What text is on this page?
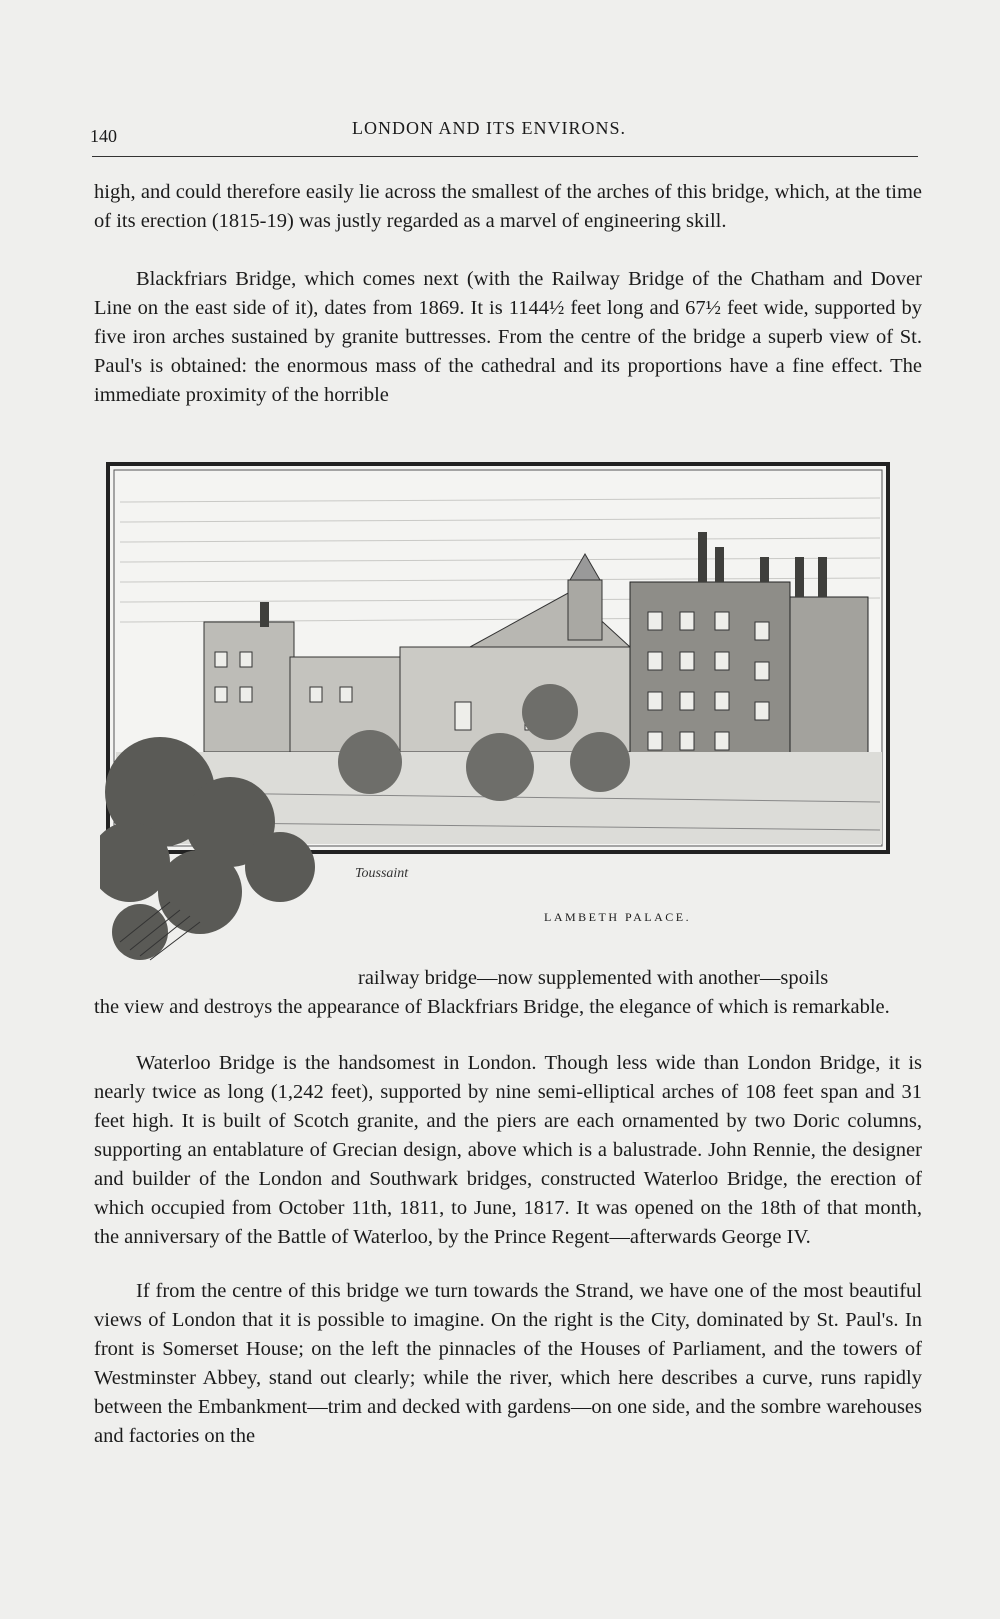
140	LONDON AND ITS ENVIRONS.

high, and could therefore easily lie across the smallest of the arches of this bridge, which, at the time of its erection (1815-19) was justly regarded as a marvel of engineering skill.

Blackfriars Bridge, which comes next (with the Railway Bridge of the Chatham and Dover Line on the east side of it), dates from 1869. It is 1144½ feet long and 67½ feet wide, supported by five iron arches sustained by granite buttresses. From the centre of the bridge a superb view of St. Paul's is obtained: the enormous mass of the cathedral and its proportions have a fine effect. The immediate proximity of the horrible

Toussaint
LAMBETH PALACE.

railway bridge—now supplemented with another—spoils

the view and destroys the appearance of Blackfriars Bridge, the elegance of which is remarkable.

Waterloo Bridge is the handsomest in London. Though less wide than London Bridge, it is nearly twice as long (1,242 feet), supported by nine semi-elliptical arches of 108 feet span and 31 feet high. It is built of Scotch granite, and the piers are each ornamented by two Doric columns, supporting an entablature of Grecian design, above which is a balustrade. John Rennie, the designer and builder of the London and Southwark bridges, constructed Waterloo Bridge, the erection of which occupied from October 11th, 1811, to June, 1817. It was opened on the 18th of that month, the anniversary of the Battle of Waterloo, by the Prince Regent—afterwards George IV.

If from the centre of this bridge we turn towards the Strand, we have one of the most beautiful views of London that it is possible to imagine. On the right is the City, dominated by St. Paul's. In front is Somerset House; on the left the pinnacles of the Houses of Parliament, and the towers of Westminster Abbey, stand out clearly; while the river, which here describes a curve, runs rapidly between the Embankment—trim and decked with gardens—on one side, and the sombre warehouses and factories on the
